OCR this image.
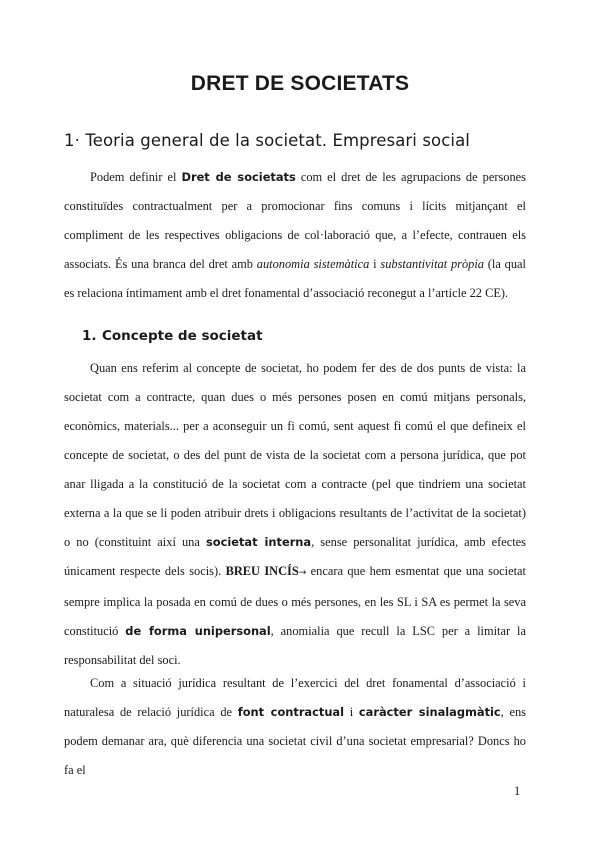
DRET DE SOCIETATS
1· Teoria general de la societat. Empresari social

Podem definir el Dret de societats com el dret de les agrupacions de persones constituïdes contractualment per a promocionar fins comuns i lícits mitjançant el compliment de les respectives obligacions de col·laboració que, a l’efecte, contrauen els associats. És una branca del dret amb autonomia sistemàtica i substantivitat pròpia (la qual es relaciona íntimament amb el dret fonamental d’associació reconegut a l’article 22 CE).

1. Concepte de societat

Quan ens referim al concepte de societat, ho podem fer des de dos punts de vista: la societat com a contracte, quan dues o més persones posen en comú mitjans personals, econòmics, materials... per a aconseguir un fi comú, sent aquest fi comú el que defineix el concepte de societat, o des del punt de vista de la societat com a persona jurídica, que pot anar lligada a la constitució de la societat com a contracte (pel que tindriem una societat externa a la que se li poden atribuir drets i obligacions resultants de l’activitat de la societat) o no (constituint així una societat interna, sense personalitat jurídica, amb efectes únicament respecte dels socis). BREU INCÍS→ encara que hem esmentat que una societat sempre implica la posada en comú de dues o més persones, en les SL i SA es permet la seva constitució de forma unipersonal, anomialia que recull la LSC per a limitar la responsabilitat del soci.

Com a situació jurídica resultant de l’exercici del dret fonamental d’associació i naturalesa de relació jurídica de font contractual i caràcter sinalagmàtic, ens podem demanar ara, què diferencia una societat civil d’una societat empresarial? Doncs ho fa el

1
